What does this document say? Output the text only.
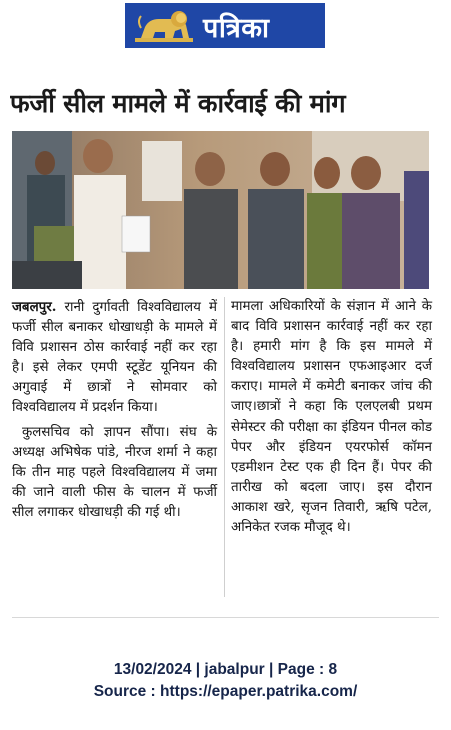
पत्रिका
फर्जी सील मामले में कार्रवाई की मांग

जबलपुर. रानी दुर्गावती विश्वविद्यालय में फर्जी सील बनाकर धोखाधड़ी के मामले में विवि प्रशासन ठोस कार्रवाई नहीं कर रहा है। इसे लेकर एमपी स्टूडेंट यूनियन की अगुवाई में छात्रों ने सोमवार को विश्वविद्यालय में प्रदर्शन किया।

कुलसचिव को ज्ञापन सौंपा। संघ के अध्यक्ष अभिषेक पांडे, नीरज शर्मा ने कहा कि तीन माह पहले विश्वविद्यालय में जमा की जाने वाली फीस के चालन में फर्जी सील लगाकर धोखाधड़ी की गई थी।

मामला अधिकारियों के संज्ञान में आने के बाद विवि प्रशासन कार्रवाई नहीं कर रहा है। हमारी मांग है कि इस मामले में विश्वविद्यालय प्रशासन एफआइआर दर्ज कराए। मामले में कमेटी बनाकर जांच की जाए।छात्रों ने कहा कि एलएलबी प्रथम सेमेस्टर की परीक्षा का इंडियन पीनल कोड पेपर और इंडियन एयरफोर्स कॉमन एडमीशन टेस्ट एक ही दिन हैं। पेपर की तारीख को बदला जाए। इस दौरान आकाश खरे, सृजन तिवारी, ऋषि पटेल, अनिकेत रजक मौजूद थे।

13/02/2024 | jabalpur | Page : 8
Source : https://epaper.patrika.com/
